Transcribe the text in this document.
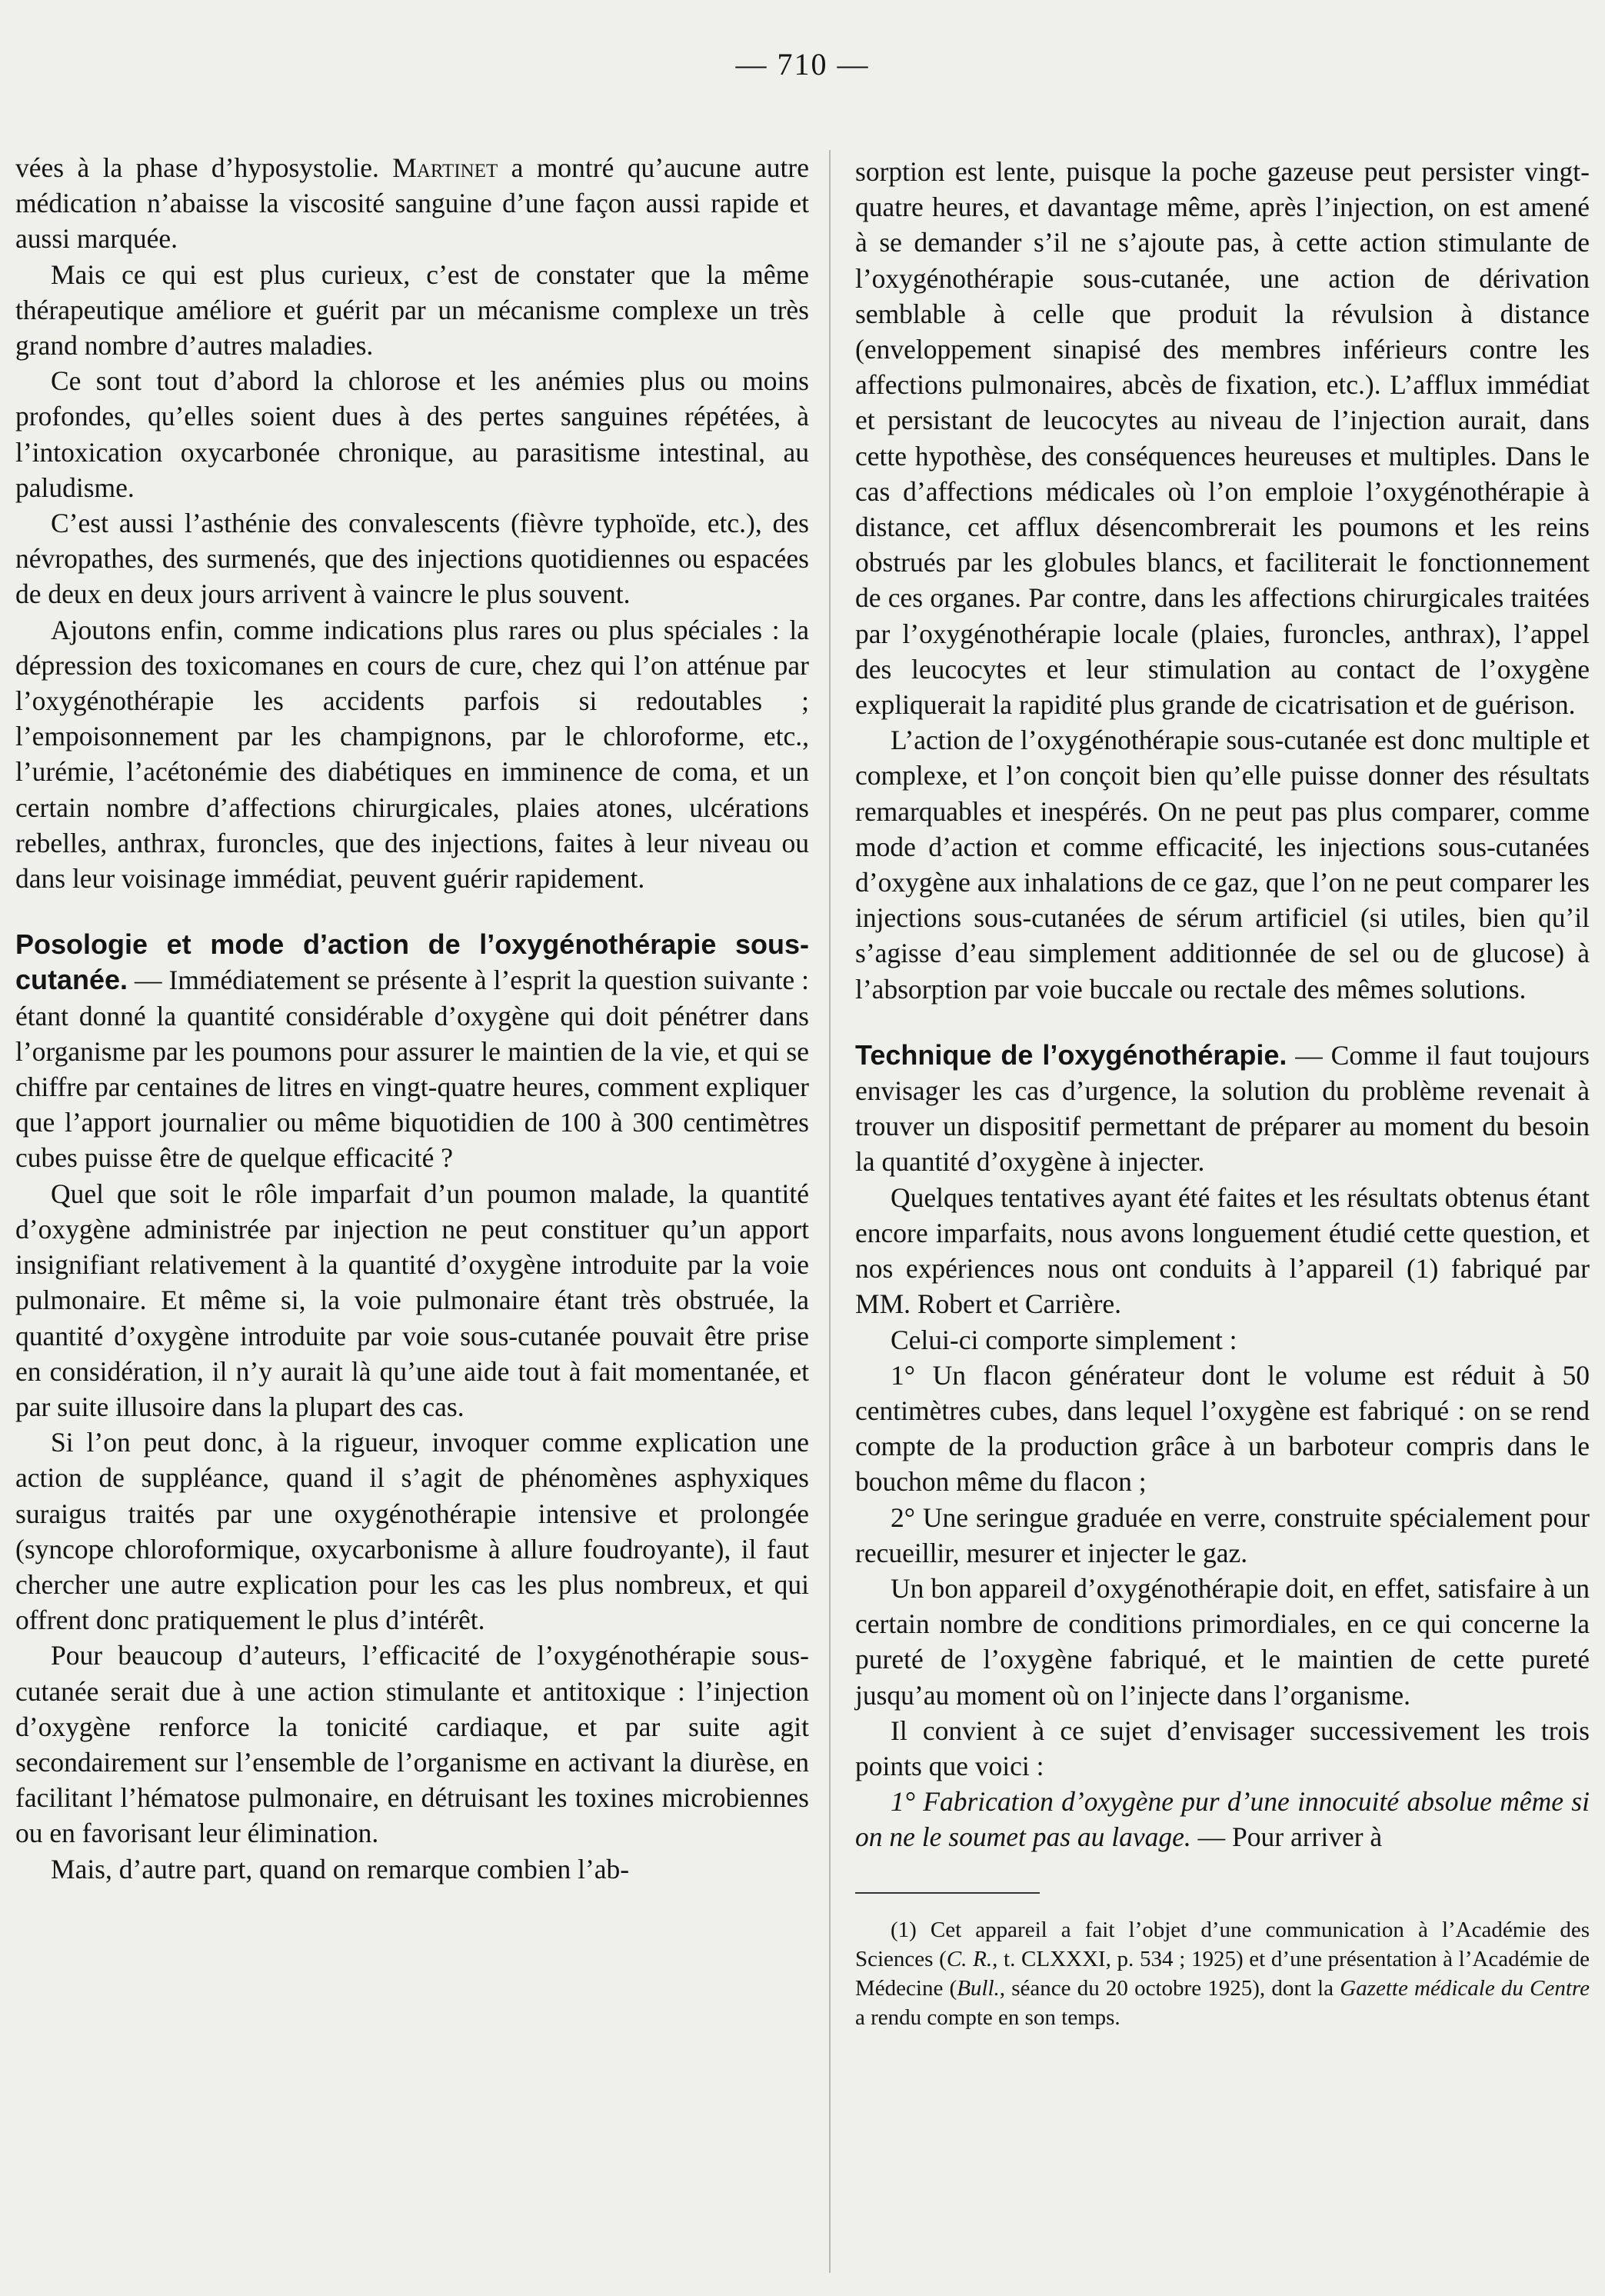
— 710 —

vées à la phase d’hyposystolie. Martinet a montré qu’aucune autre médication n’abaisse la viscosité sanguine d’une façon aussi rapide et aussi marquée.

Mais ce qui est plus curieux, c’est de constater que la même thérapeutique améliore et guérit par un mécanisme complexe un très grand nombre d’autres maladies.

Ce sont tout d’abord la chlorose et les anémies plus ou moins profondes, qu’elles soient dues à des pertes sanguines répétées, à l’intoxication oxycarbonée chronique, au parasitisme intestinal, au paludisme.

C’est aussi l’asthénie des convalescents (fièvre typhoïde, etc.), des névropathes, des surmenés, que des injections quotidiennes ou espacées de deux en deux jours arrivent à vaincre le plus souvent.

Ajoutons enfin, comme indications plus rares ou plus spéciales : la dépression des toxicomanes en cours de cure, chez qui l’on atténue par l’oxygénothérapie les accidents parfois si redoutables ; l’empoisonnement par les champignons, par le chloroforme, etc., l’urémie, l’acétonémie des diabétiques en imminence de coma, et un certain nombre d’affections chirurgicales, plaies atones, ulcérations rebelles, anthrax, furoncles, que des injections, faites à leur niveau ou dans leur voisinage immédiat, peuvent guérir rapidement.

Posologie et mode d’action de l’oxygénothérapie sous-cutanée. — Immédiatement se présente à l’esprit la question suivante : étant donné la quantité considérable d’oxygène qui doit pénétrer dans l’organisme par les poumons pour assurer le maintien de la vie, et qui se chiffre par centaines de litres en vingt-quatre heures, comment expliquer que l’apport journalier ou même biquotidien de 100 à 300 centimètres cubes puisse être de quelque efficacité ?

Quel que soit le rôle imparfait d’un poumon malade, la quantité d’oxygène administrée par injection ne peut constituer qu’un apport insignifiant relativement à la quantité d’oxygène introduite par la voie pulmonaire. Et même si, la voie pulmonaire étant très obstruée, la quantité d’oxygène introduite par voie sous-cutanée pouvait être prise en considération, il n’y aurait là qu’une aide tout à fait momentanée, et par suite illusoire dans la plupart des cas.

Si l’on peut donc, à la rigueur, invoquer comme explication une action de suppléance, quand il s’agit de phénomènes asphyxiques suraigus traités par une oxygénothérapie intensive et prolongée (syncope chloroformique, oxycarbonisme à allure foudroyante), il faut chercher une autre explication pour les cas les plus nombreux, et qui offrent donc pratiquement le plus d’intérêt.

Pour beaucoup d’auteurs, l’efficacité de l’oxygénothérapie sous-cutanée serait due à une action stimulante et antitoxique : l’injection d’oxygène renforce la tonicité cardiaque, et par suite agit secondairement sur l’ensemble de l’organisme en activant la diurèse, en facilitant l’hématose pulmonaire, en détruisant les toxines microbiennes ou en favorisant leur élimination.

Mais, d’autre part, quand on remarque combien l’ab-

sorption est lente, puisque la poche gazeuse peut persister vingt-quatre heures, et davantage même, après l’injection, on est amené à se demander s’il ne s’ajoute pas, à cette action stimulante de l’oxygénothérapie sous-cutanée, une action de dérivation semblable à celle que produit la révulsion à distance (enveloppement sinapisé des membres inférieurs contre les affections pulmonaires, abcès de fixation, etc.). L’afflux immédiat et persistant de leucocytes au niveau de l’injection aurait, dans cette hypothèse, des conséquences heureuses et multiples. Dans le cas d’affections médicales où l’on emploie l’oxygénothérapie à distance, cet afflux désencombrerait les poumons et les reins obstrués par les globules blancs, et faciliterait le fonctionnement de ces organes. Par contre, dans les affections chirurgicales traitées par l’oxygénothérapie locale (plaies, furoncles, anthrax), l’appel des leucocytes et leur stimulation au contact de l’oxygène expliquerait la rapidité plus grande de cicatrisation et de guérison.

L’action de l’oxygénothérapie sous-cutanée est donc multiple et complexe, et l’on conçoit bien qu’elle puisse donner des résultats remarquables et inespérés. On ne peut pas plus comparer, comme mode d’action et comme efficacité, les injections sous-cutanées d’oxygène aux inhalations de ce gaz, que l’on ne peut comparer les injections sous-cutanées de sérum artificiel (si utiles, bien qu’il s’agisse d’eau simplement additionnée de sel ou de glucose) à l’absorption par voie buccale ou rectale des mêmes solutions.

Technique de l’oxygénothérapie. — Comme il faut toujours envisager les cas d’urgence, la solution du problème revenait à trouver un dispositif permettant de préparer au moment du besoin la quantité d’oxygène à injecter.

Quelques tentatives ayant été faites et les résultats obtenus étant encore imparfaits, nous avons longuement étudié cette question, et nos expériences nous ont conduits à l’appareil (1) fabriqué par MM. Robert et Carrière.

Celui-ci comporte simplement :

1° Un flacon générateur dont le volume est réduit à 50 centimètres cubes, dans lequel l’oxygène est fabriqué : on se rend compte de la production grâce à un barboteur compris dans le bouchon même du flacon ;

2° Une seringue graduée en verre, construite spécialement pour recueillir, mesurer et injecter le gaz.

Un bon appareil d’oxygénothérapie doit, en effet, satisfaire à un certain nombre de conditions primordiales, en ce qui concerne la pureté de l’oxygène fabriqué, et le maintien de cette pureté jusqu’au moment où on l’injecte dans l’organisme.

Il convient à ce sujet d’envisager successivement les trois points que voici :

1° Fabrication d’oxygène pur d’une innocuité absolue même si on ne le soumet pas au lavage. — Pour arriver à

(1) Cet appareil a fait l’objet d’une communication à l’Académie des Sciences (C. R., t. CLXXXI, p. 534 ; 1925) et d’une présentation à l’Académie de Médecine (Bull., séance du 20 octobre 1925), dont la Gazette médicale du Centre a rendu compte en son temps.
